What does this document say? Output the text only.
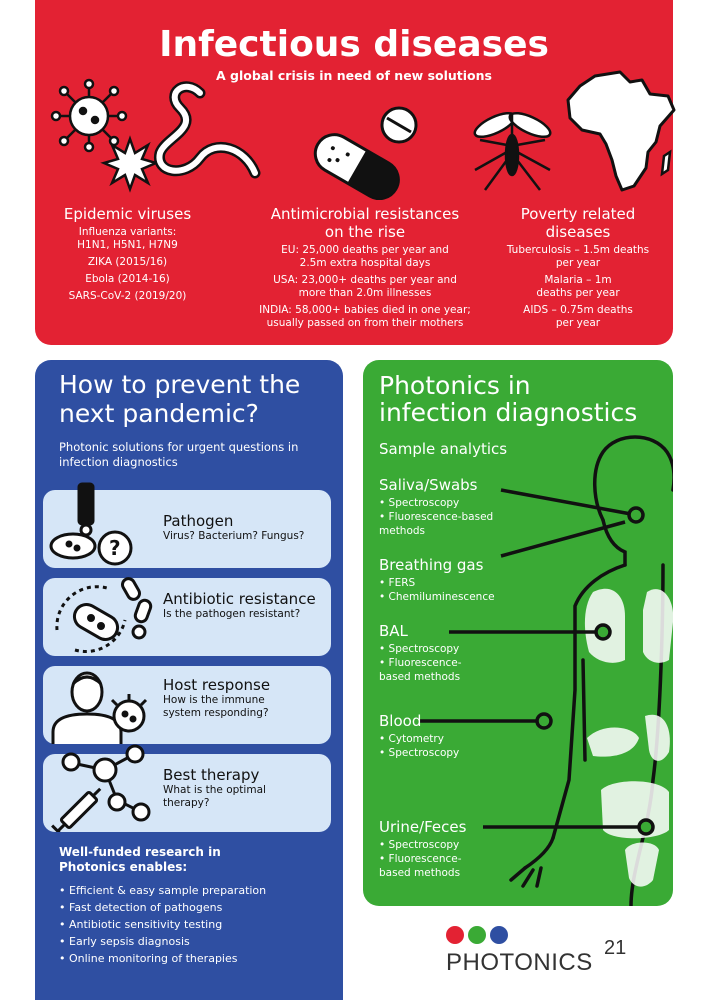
Infectious diseases
A global crisis in need of new solutions
Epidemic viruses

Influenza variants:

H1N1, H5N1, H7N9

ZIKA (2015/16)

Ebola (2014-16)

SARS-CoV-2 (2019/20)

Antimicrobial resistances
on the rise

EU: 25,000 deaths per year and 2.5m extra hospital days

USA: 23,000+ deaths per year and more than 2.0m illnesses

INDIA: 58,000+ babies died in one year; usually passed on from their mothers

Poverty related
diseases

Tuberculosis – 1.5m deaths per year

Malaria – 1m deaths per year

AIDS – 0.75m deaths per year

How to prevent the
next pandemic?
Photonic solutions for urgent questions in infection diagnostics
?
Pathogen
Virus? Bacterium? Fungus?
Antibiotic resistance
Is the pathogen resistant?
Host response
How is the immune system responding?
Best therapy
What is the optimal therapy?
Well-funded research in Photonics enables:
• Efficient & easy sample preparation
• Fast detection of pathogens
• Antibiotic sensitivity testing
• Early sepsis diagnosis
• Online monitoring of therapies
Photonics in
infection diagnostics
Sample analytics
Saliva/Swabs
• Spectroscopy
• Fluorescence-based methods
Breathing gas
• FERS
• Chemiluminescence
BAL
• Spectroscopy
• Fluorescence-based methods
Blood
• Cytometry
• Spectroscopy
Urine/Feces
• Spectroscopy
• Fluorescence-based methods
PHOTONICS
21
